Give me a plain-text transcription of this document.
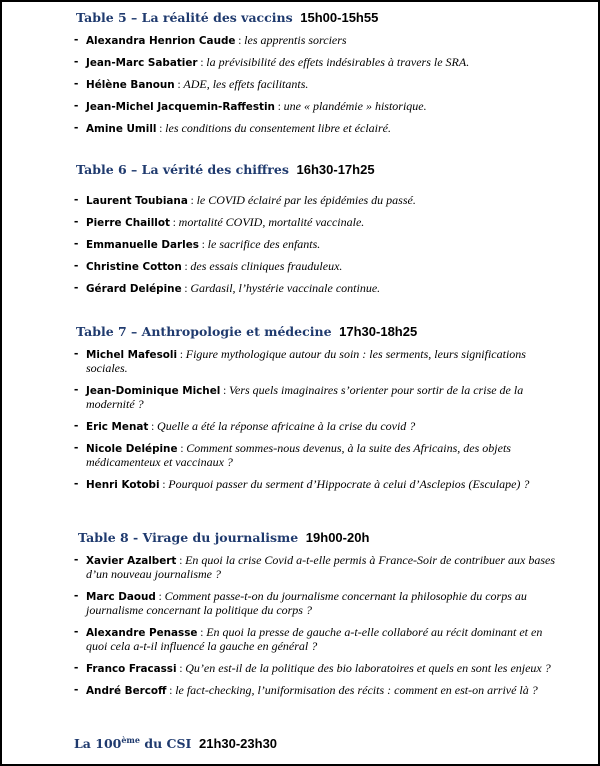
Table 5 – La réalité des vaccins 15h00-15h55
- Alexandra Henrion Caude : les apprentis sorciers
- Jean-Marc Sabatier : la prévisibilité des effets indésirables à travers le SRA.
- Hélène Banoun : ADE, les effets facilitants.
- Jean-Michel Jacquemin-Raffestin : une « plandémie » historique.
- Amine Umill : les conditions du consentement libre et éclairé.
Table 6 – La vérité des chiffres 16h30-17h25
- Laurent Toubiana : le COVID éclairé par les épidémies du passé.
- Pierre Chaillot : mortalité COVID, mortalité vaccinale.
- Emmanuelle Darles : le sacrifice des enfants.
- Christine Cotton : des essais cliniques frauduleux.
- Gérard Delépine : Gardasil, l’hystérie vaccinale continue.
Table 7 – Anthropologie et médecine 17h30-18h25
- Michel Mafesoli : Figure mythologique autour du soin : les serments, leurs significations sociales.
- Jean-Dominique Michel : Vers quels imaginaires s’orienter pour sortir de la crise de la modernité ?
- Eric Menat : Quelle a été la réponse africaine à la crise du covid ?
- Nicole Delépine : Comment sommes-nous devenus, à la suite des Africains, des objets médicamenteux et vaccinaux ?
- Henri Kotobi : Pourquoi passer du serment d’Hippocrate à celui d’Asclepios (Esculape) ?
Table 8 - Virage du journalisme 19h00-20h
- Xavier Azalbert : En quoi la crise Covid a-t-elle permis à France-Soir de contribuer aux bases d’un nouveau journalisme ?
- Marc Daoud : Comment passe-t-on du journalisme concernant la philosophie du corps au journalisme concernant la politique du corps ?
- Alexandre Penasse : En quoi la presse de gauche a-t-elle collaboré au récit dominant et en quoi cela a-t-il influencé la gauche en général ?
- Franco Fracassi : Qu’en est-il de la politique des bio laboratoires et quels en sont les enjeux ?
- André Bercoff : le fact-checking, l’uniformisation des récits : comment en est-on arrivé là ?
La 100ème du CSI 21h30-23h30
